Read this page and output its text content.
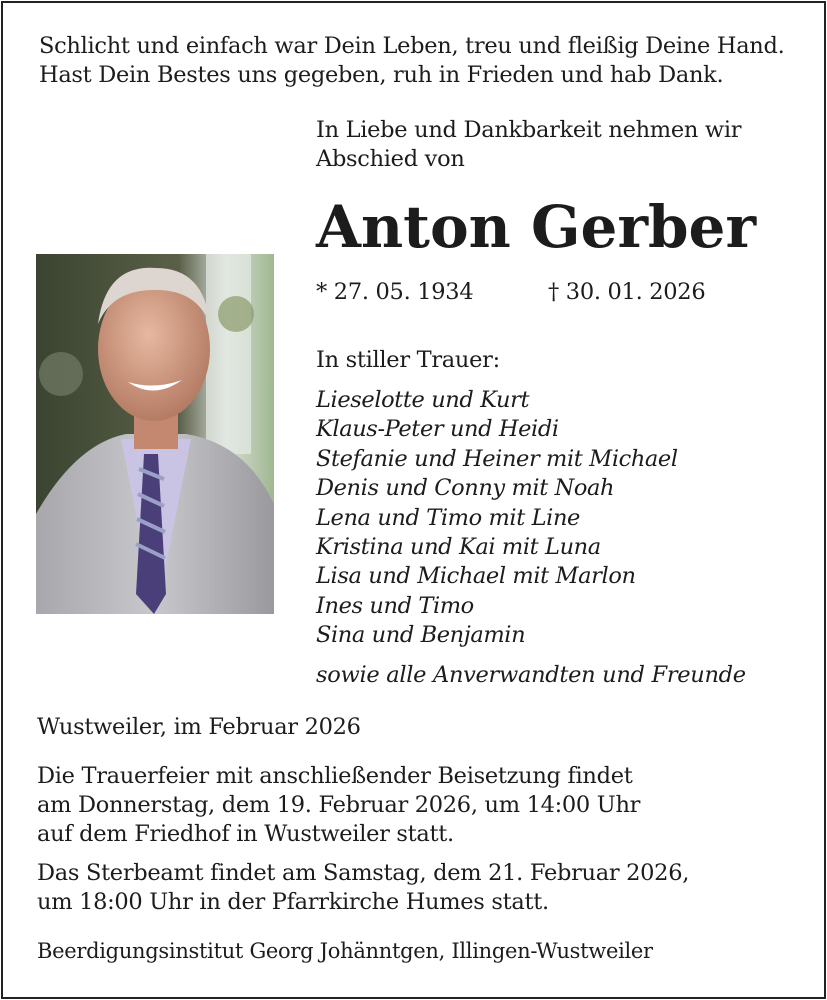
Schlicht und einfach war Dein Leben, treu und fleißig Deine Hand.
Hast Dein Bestes uns gegeben, ruh in Frieden und hab Dank.
In Liebe und Dankbarkeit nehmen wir
Abschied von
Anton Gerber
* 27. 05. 1934	† 30. 01. 2026
In stiller Trauer:
Lieselotte und Kurt
Klaus-Peter und Heidi
Stefanie und Heiner mit Michael
Denis und Conny mit Noah
Lena und Timo mit Line
Kristina und Kai mit Luna
Lisa und Michael mit Marlon
Ines und Timo
Sina und Benjamin
sowie alle Anverwandten und Freunde
Wustweiler, im Februar 2026
Die Trauerfeier mit anschließender Beisetzung findet
am Donnerstag, dem 19. Februar 2026, um 14:00 Uhr
auf dem Friedhof in Wustweiler statt.
Das Sterbeamt findet am Samstag, dem 21. Februar 2026,
um 18:00 Uhr in der Pfarrkirche Humes statt.
Beerdigungsinstitut Georg Johänntgen, Illingen-Wustweiler
